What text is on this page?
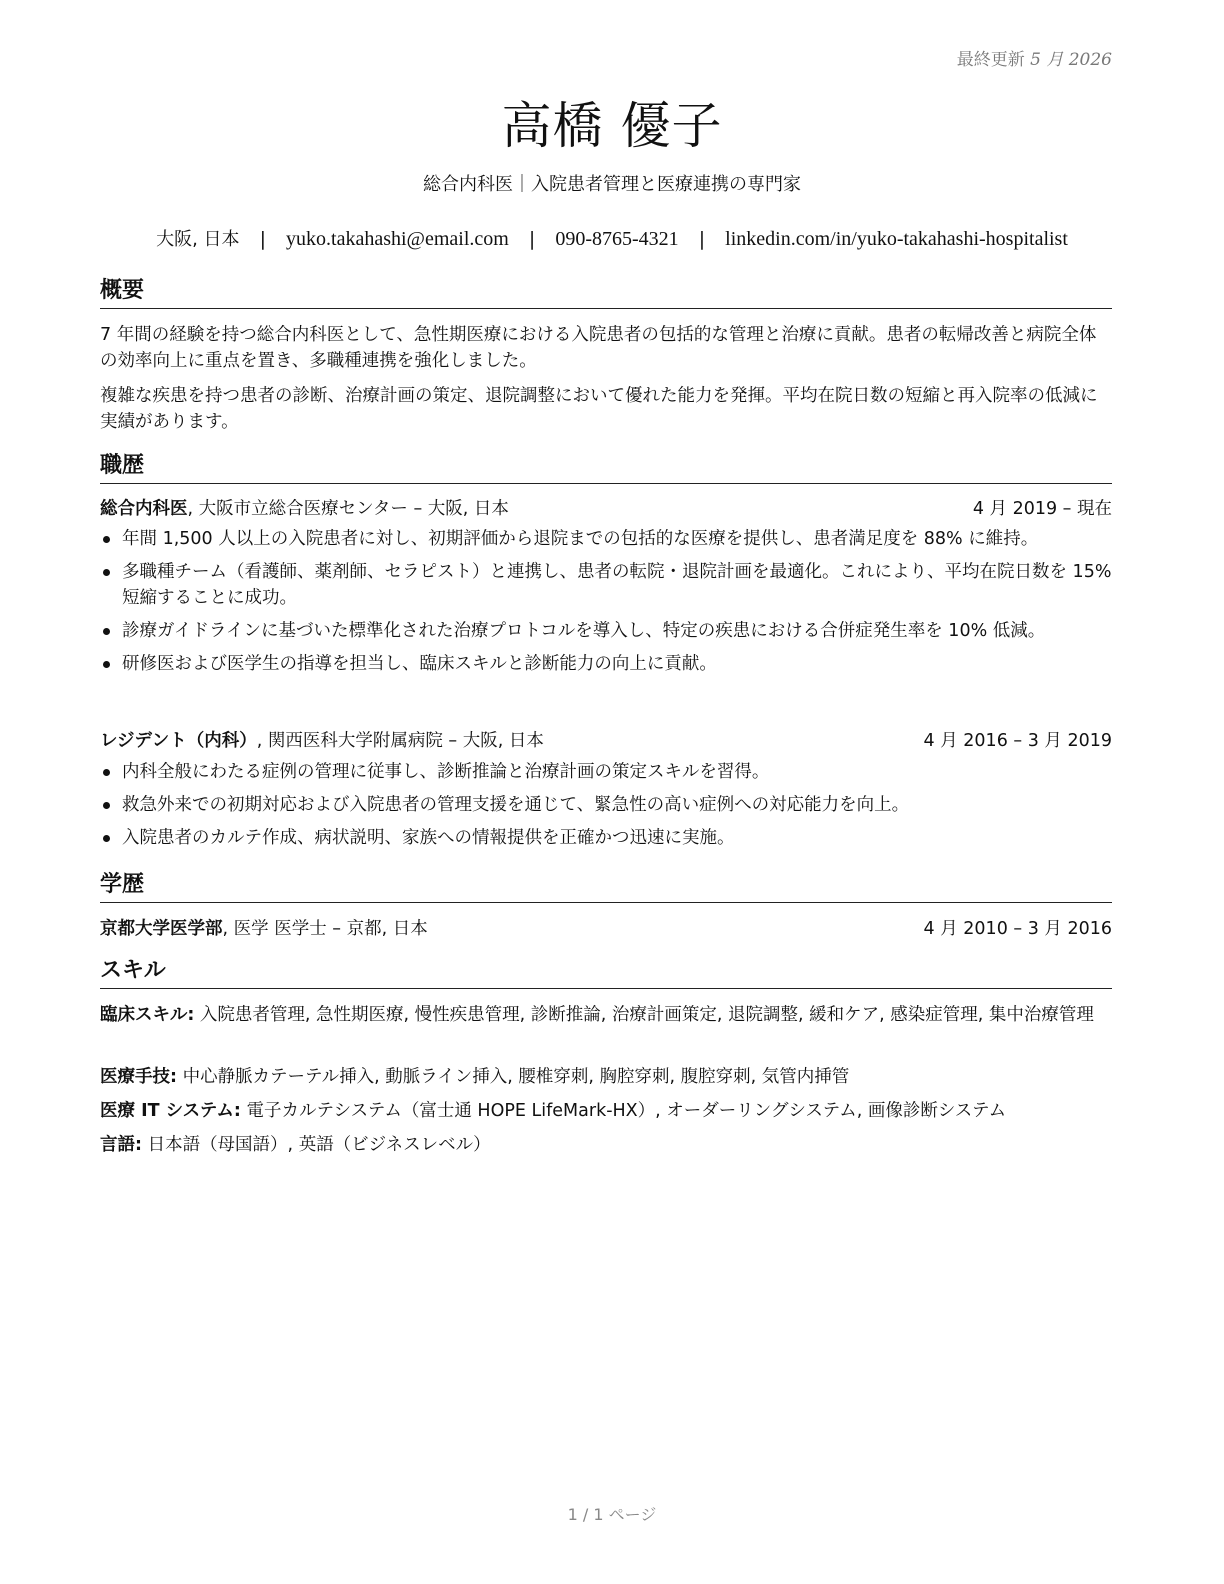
最終更新 5 月 2026
高橋 優子
総合内科医｜入院患者管理と医療連携の専門家
大阪, 日本 | yuko.takahashi@email.com | 090-8765-4321 | linkedin.com/in/yuko-takahashi-hospitalist
概要
7 年間の経験を持つ総合内科医として、急性期医療における入院患者の包括的な管理と治療に貢献。患者の転帰改善と病院全体の効率向上に重点を置き、多職種連携を強化しました。
複雑な疾患を持つ患者の診断、治療計画の策定、退院調整において優れた能力を発揮。平均在院日数の短縮と再入院率の低減に実績があります。
職歴
総合内科医, 大阪市立総合医療センター – 大阪, 日本	4 月 2019 – 現在
年間 1,500 人以上の入院患者に対し、初期評価から退院までの包括的な医療を提供し、患者満足度を 88% に維持。
多職種チーム（看護師、薬剤師、セラピスト）と連携し、患者の転院・退院計画を最適化。これにより、平均在院日数を 15% 短縮することに成功。
診療ガイドラインに基づいた標準化された治療プロトコルを導入し、特定の疾患における合併症発生率を 10% 低減。
研修医および医学生の指導を担当し、臨床スキルと診断能力の向上に貢献。
レジデント（内科）, 関西医科大学附属病院 – 大阪, 日本	4 月 2016 – 3 月 2019
内科全般にわたる症例の管理に従事し、診断推論と治療計画の策定スキルを習得。
救急外来での初期対応および入院患者の管理支援を通じて、緊急性の高い症例への対応能力を向上。
入院患者のカルテ作成、病状説明、家族への情報提供を正確かつ迅速に実施。
学歴
京都大学医学部, 医学 医学士 – 京都, 日本	4 月 2010 – 3 月 2016
スキル
臨床スキル: 入院患者管理, 急性期医療, 慢性疾患管理, 診断推論, 治療計画策定, 退院調整, 緩和ケア, 感染症管理, 集中治療管理
医療手技: 中心静脈カテーテル挿入, 動脈ライン挿入, 腰椎穿刺, 胸腔穿刺, 腹腔穿刺, 気管内挿管
医療 IT システム: 電子カルテシステム（富士通 HOPE LifeMark-HX）, オーダーリングシステム, 画像診断システム
言語: 日本語（母国語）, 英語（ビジネスレベル）
1 / 1 ページ
